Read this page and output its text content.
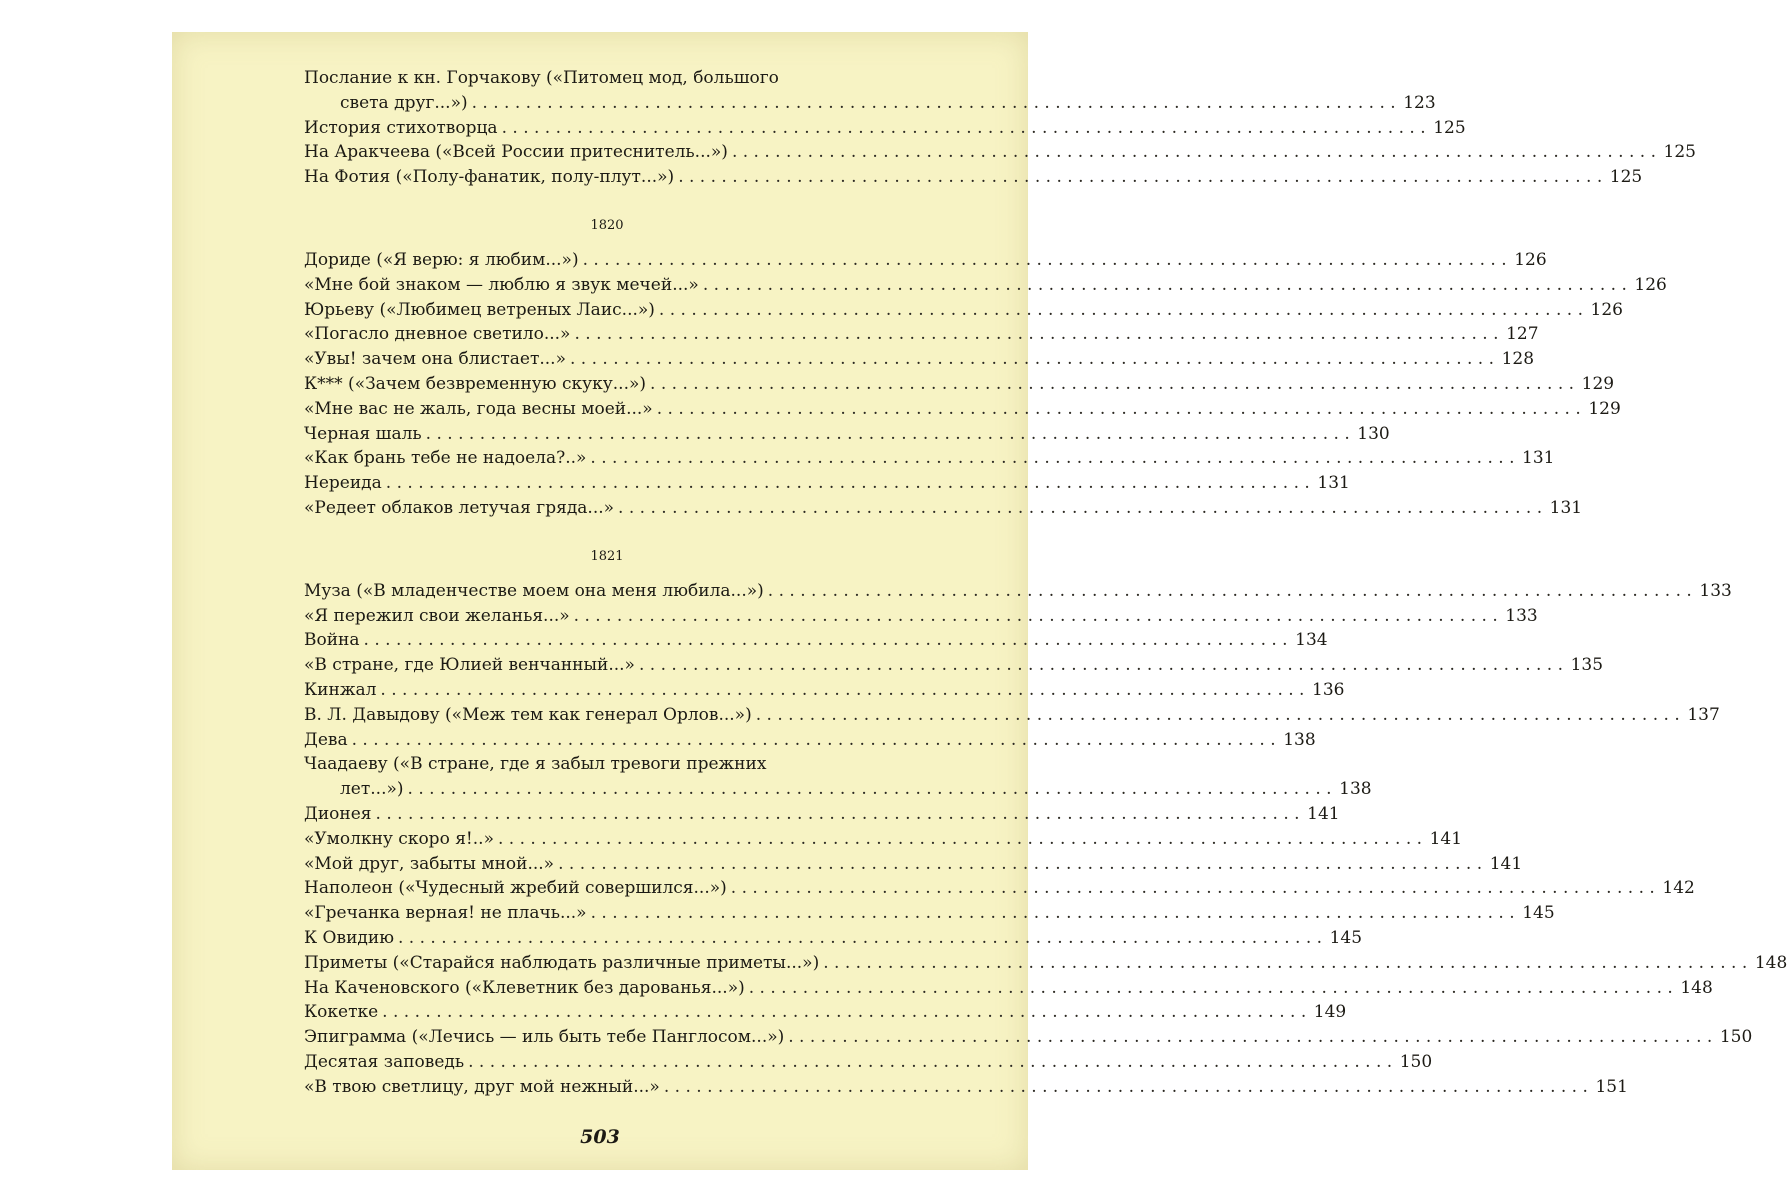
Послание к кн. Горчакову («Питомец мод, большого
света друг...») . . .	123
История стихотворца . . .	125
На Аракчеева («Всей России притеснитель...») . . .	125
На Фотия («Полу-фанатик, полу-плут...») . . .	125
1820
Дориде («Я верю: я любим...») . . .	126
«Мне бой знаком — люблю я звук мечей...» . . .	126
Юрьеву («Любимец ветреных Лаис...») . . .	126
«Погасло дневное светило...» . . .	127
«Увы! зачем она блистает...» . . .	128
К*** («Зачем безвременную скуку...») . . .	129
«Мне вас не жаль, года весны моей...» . . .	129
Черная шаль . . .	130
«Как брань тебе не надоела?..» . . .	131
Нереида . . .	131
«Редеет облаков летучая гряда...» . . .	131
1821
Муза («В младенчестве моем она меня любила...») . . .	133
«Я пережил свои желанья...» . . .	133
Война . . .	134
«В стране, где Юлией венчанный...» . . .	135
Кинжал . . .	136
В. Л. Давыдову («Меж тем как генерал Орлов...») . . .	137
Дева . . .	138
Чаадаеву («В стране, где я забыл тревоги прежних
лет...») . . .	138
Дионея . . .	141
«Умолкну скоро я!..» . . .	141
«Мой друг, забыты мной...» . . .	141
Наполеон («Чудесный жребий совершился...») . . .	142
«Гречанка верная! не плачь...» . . .	145
К Овидию . . .	145
Приметы («Старайся наблюдать различные приметы...») . . .	148
На Каченовского («Клеветник без дарованья...») . . .	148
Кокетке . . .	149
Эпиграмма («Лечись — иль быть тебе Панглосом...») . . .	150
Десятая заповедь . . .	150
«В твою светлицу, друг мой нежный...» . . .	151
503
